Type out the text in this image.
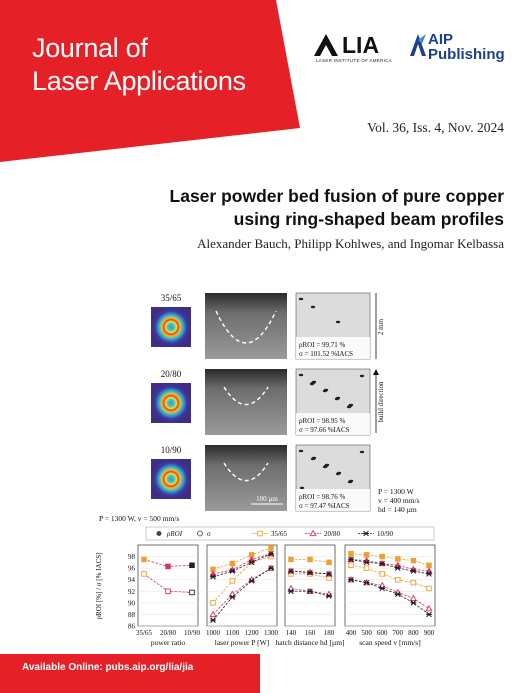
Journal of
Laser Applications
LIA
LASER INSTITUTE OF AMERICA
AIP
Publishing
Vol. 36, Iss. 4, Nov. 2024
Laser powder bed fusion of pure copper
using ring-shaped beam profiles
Alexander Bauch, Philipp Kohlwes, and Ingomar Kelbassa
35/65
ρROI = 99.71 %
σ = 101.52 %IACS
20/80
ρROI = 98.95 %
σ = 97.66 %IACS
10/90
ρROI = 98.76 %
σ = 97.47 %IACS
2 mm
build direction
100 µm
P = 1300 W, v = 500 mm/s
P = 1300 W
v = 400 mm/s
hd = 140 µm
ρROI	σ	35/65	20/80	10/90
ρROI [%] / σ [% IACS]	98
96
94
92
90
88
86
35/65 20/80 10/90
power ratio
1000 1100 1200 1300
laser power P [W]
140 160 180
hatch distance hd [µm]
400 500 600 700 800 900
scan speed v [mm/s]
Available Online: pubs.aip.org/lia/jia
